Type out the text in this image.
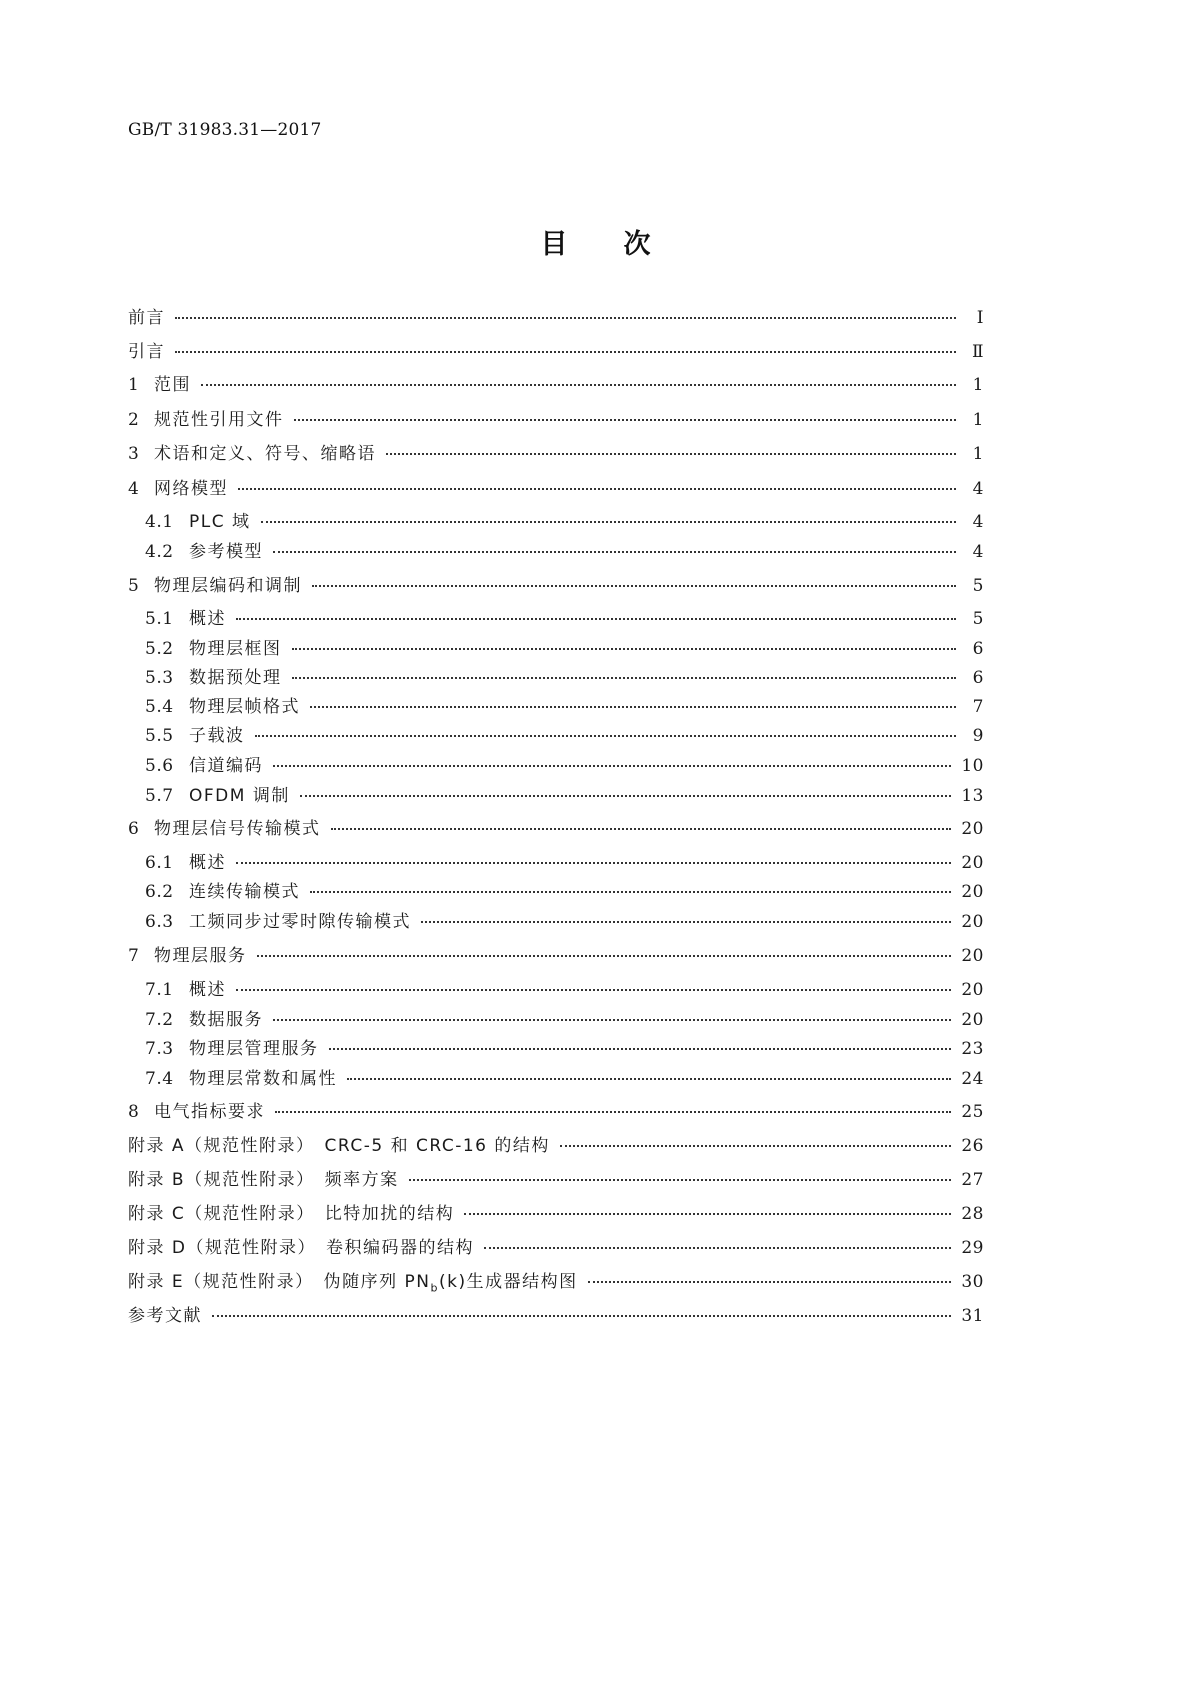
GB/T 31983.31—2017
目 次
前言	Ⅰ
引言	Ⅱ
1 范围	1
2 规范性引用文件	1
3 术语和定义、符号、缩略语	1
4 网络模型	4
4.1 PLC 域	4
4.2 参考模型	4
5 物理层编码和调制	5
5.1 概述	5
5.2 物理层框图	6
5.3 数据预处理	6
5.4 物理层帧格式	7
5.5 子载波	9
5.6 信道编码	10
5.7 OFDM 调制	13
6 物理层信号传输模式	20
6.1 概述	20
6.2 连续传输模式	20
6.3 工频同步过零时隙传输模式	20
7 物理层服务	20
7.1 概述	20
7.2 数据服务	20
7.3 物理层管理服务	23
7.4 物理层常数和属性	24
8 电气指标要求	25
附录 A（规范性附录）　CRC-5 和 CRC-16 的结构	26
附录 B（规范性附录）　频率方案	27
附录 C（规范性附录）　比特加扰的结构	28
附录 D（规范性附录）　卷积编码器的结构	29
附录 E（规范性附录）　伪随序列 $PN_b(k)$生成器结构图	30
参考文献	31
